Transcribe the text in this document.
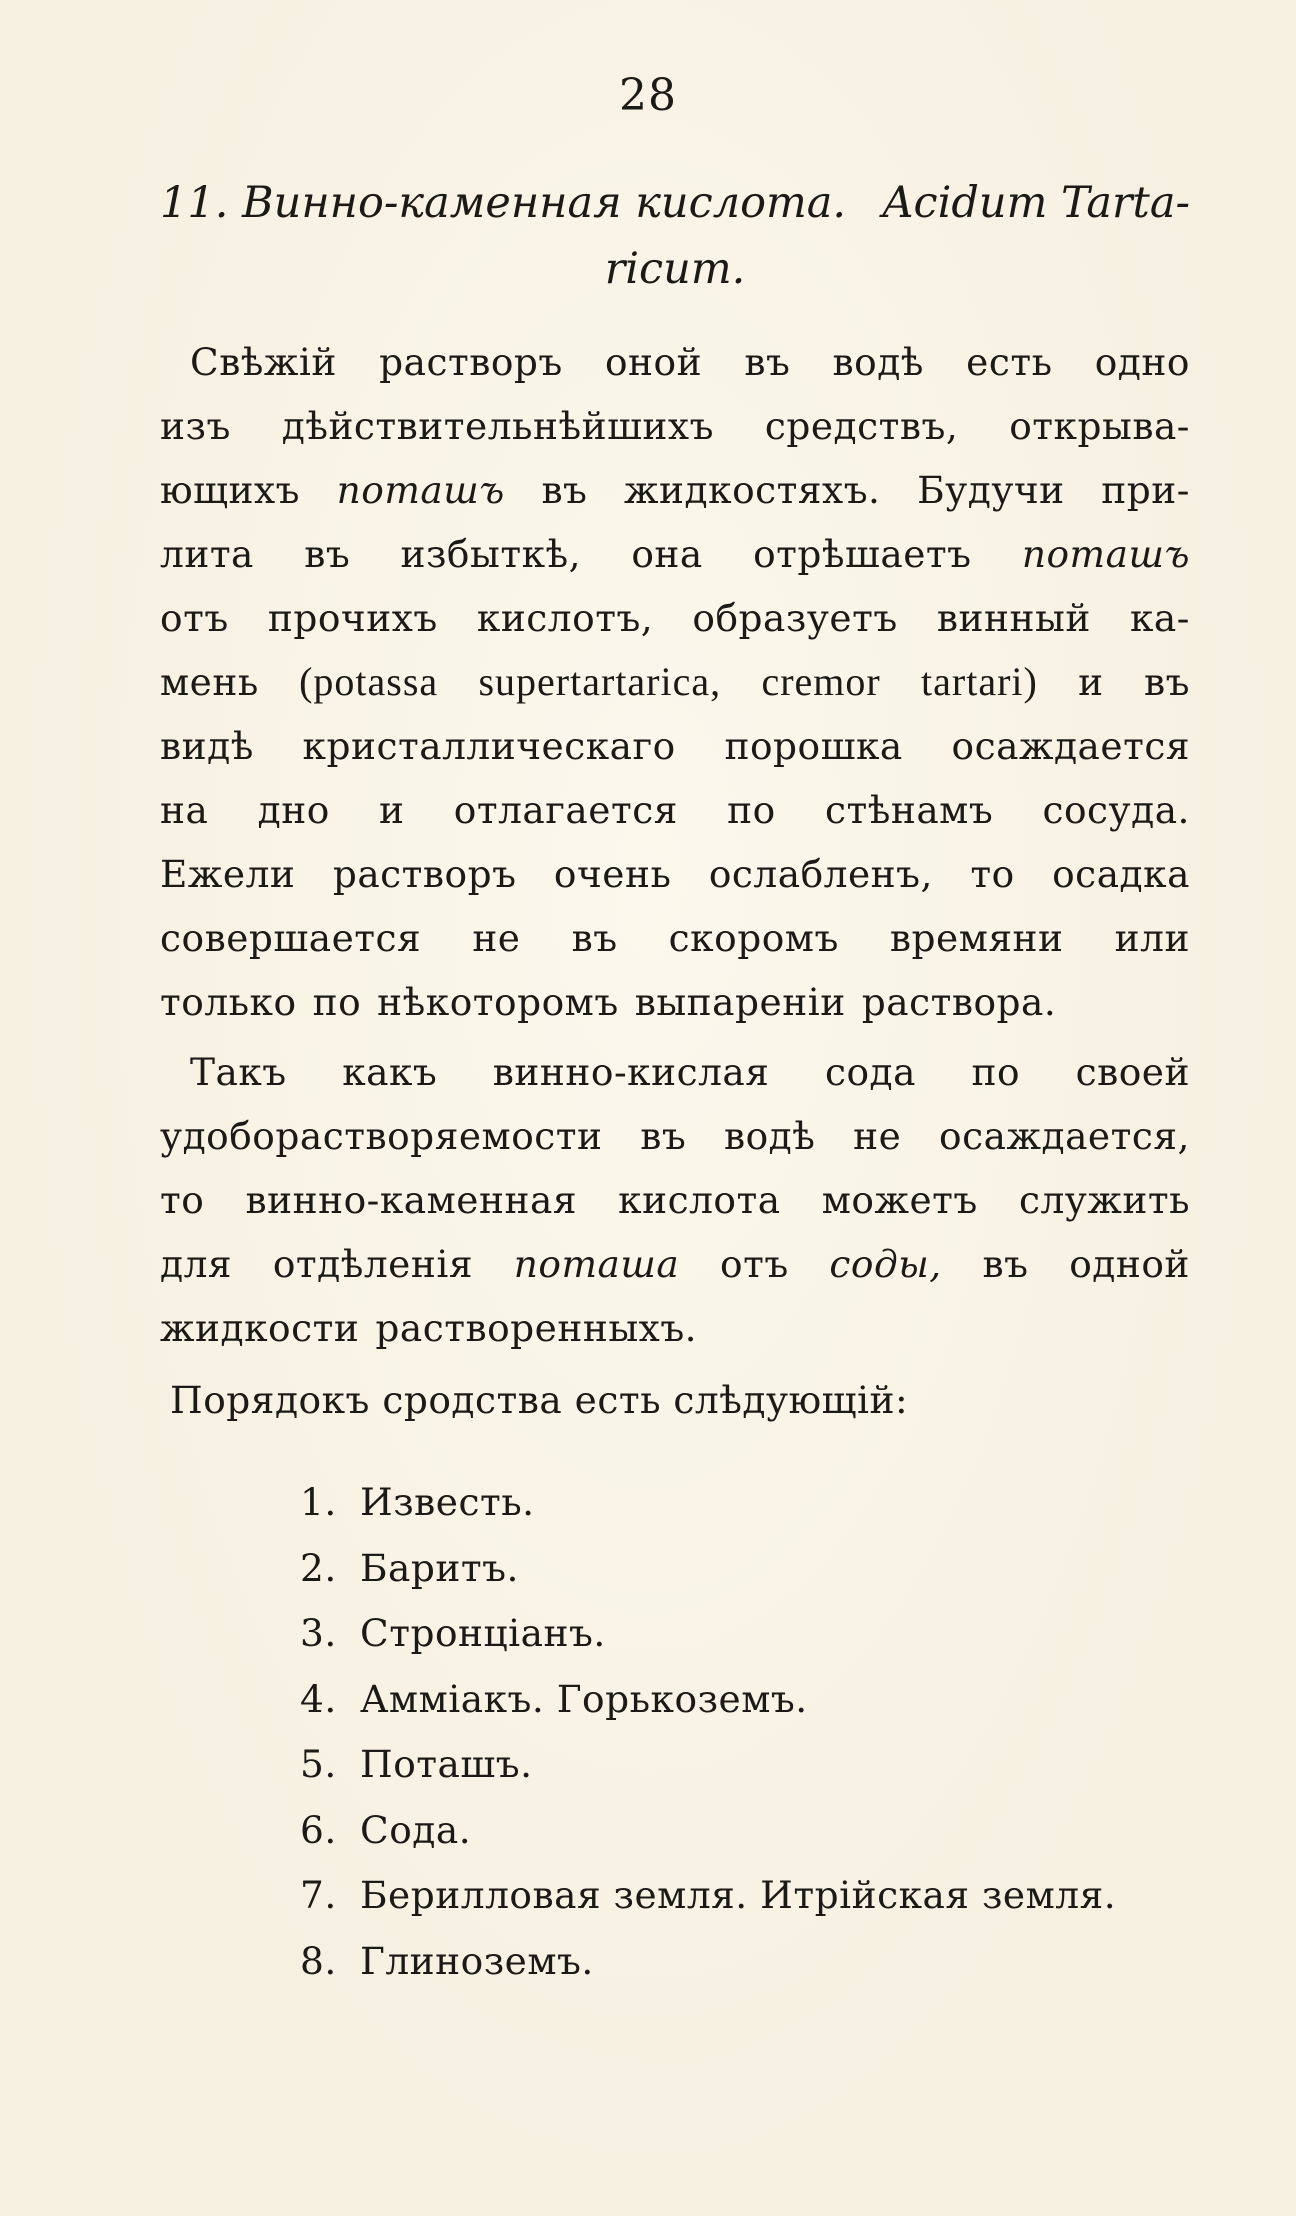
28
11. Винно-каменная кислота. Acidum Tarta-
ricum.
Свѣжій растворъ оной въ водѣ есть одно
изъ дѣйствительнѣйшихъ средствъ, открыва-
ющихъ поташъ въ жидкостяхъ. Будучи при-
лита въ избыткѣ, она отрѣшаетъ поташъ
отъ прочихъ кислотъ, образуетъ винный ка-
мень (potassa supertartarica, cremor tartari) и въ
видѣ кристаллическаго порошка осаждается
на дно и отлагается по стѣнамъ сосуда.
Ежели растворъ очень ослабленъ, то осадка
совершается не въ скоромъ времяни или
только по нѣкоторомъ выпареніи раствора.
Такъ какъ винно-кислая сода по своей
удоборастворяемости въ водѣ не осаждается,
то винно-каменная кислота можетъ служить
для отдѣленія поташа отъ соды, въ одной
жидкости растворенныхъ.
Порядокъ сродства есть слѣдующій:
1. Известь.
2. Баритъ.
3. Стронціанъ.
4. Аммiакъ. Горькоземъ.
5. Поташъ.
6. Сода.
7. Берилловая земля. Итрiйская земля.
8. Глиноземъ.
